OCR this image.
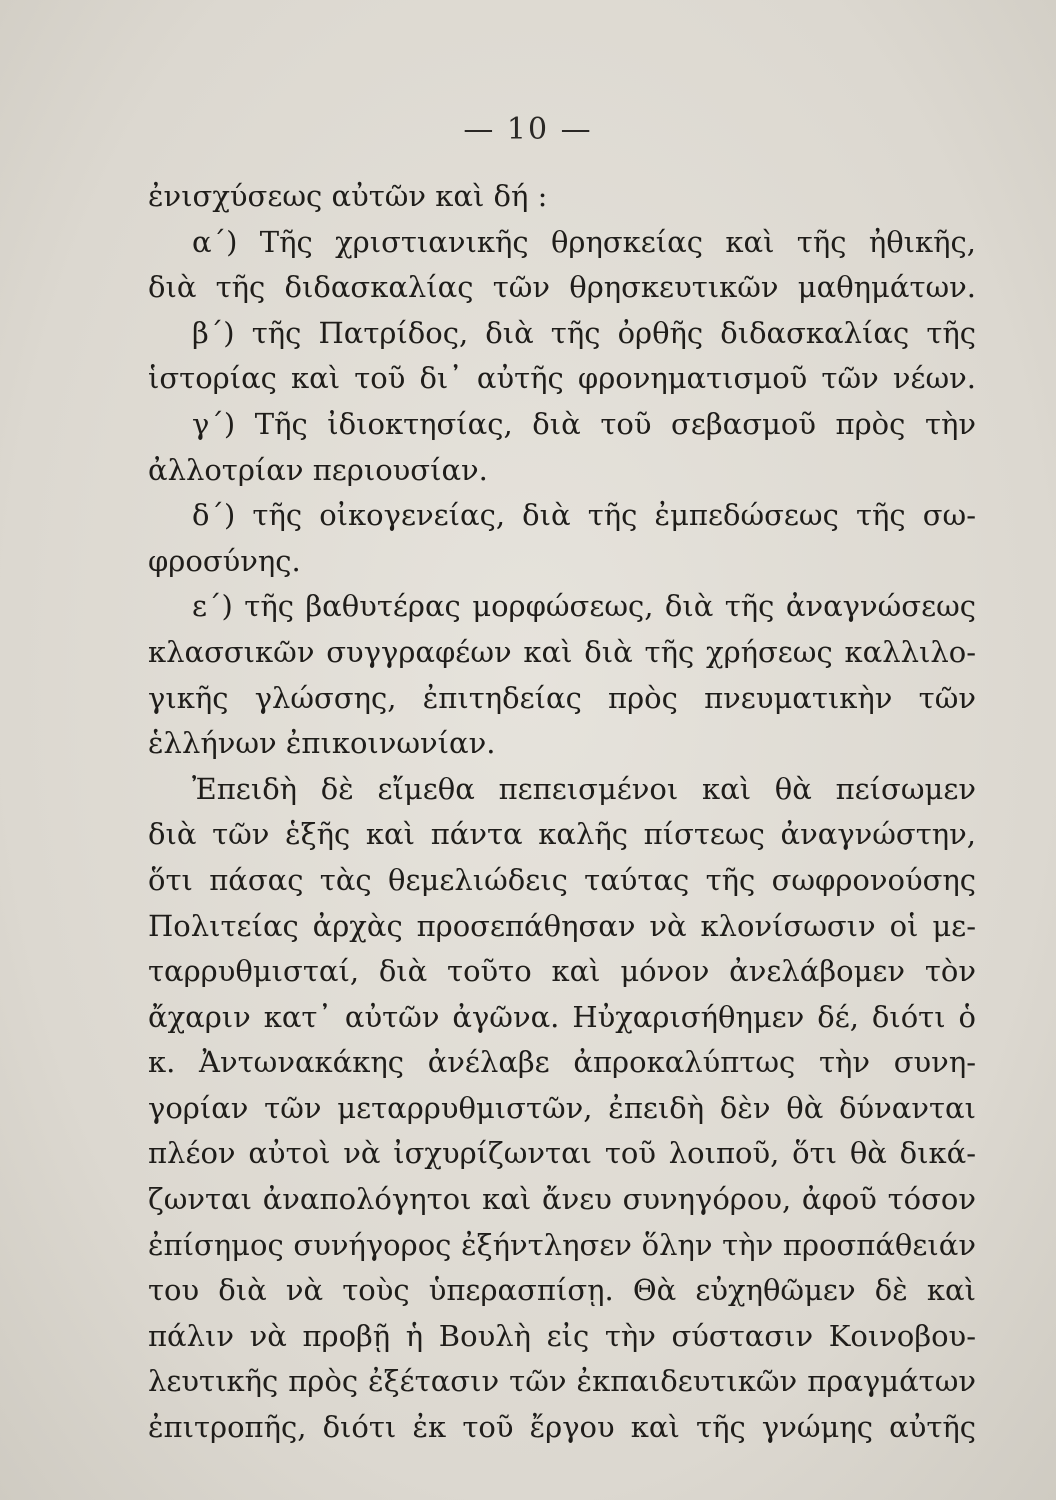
— 10 —
ἐνισχύσεως αὐτῶν καὶ δή :
α΄) Τῆς χριστιανικῆς θρησκείας καὶ τῆς ἠθικῆς,
διὰ τῆς διδασκαλίας τῶν θρησκευτικῶν μαθημάτων.
β΄) τῆς Πατρίδος, διὰ τῆς ὀρθῆς διδασκαλίας τῆς
ἱστορίας καὶ τοῦ δι᾽ αὐτῆς φρονηματισμοῦ τῶν νέων.
γ΄) Τῆς ἰδιοκτησίας, διὰ τοῦ σεβασμοῦ πρὸς τὴν
ἀλλοτρίαν περιουσίαν.
δ΄) τῆς οἰκογενείας, διὰ τῆς ἐμπεδώσεως τῆς σω-
φροσύνης.
ε΄) τῆς βαθυτέρας μορφώσεως, διὰ τῆς ἀναγνώσεως
κλασσικῶν συγγραφέων καὶ διὰ τῆς χρήσεως καλλιλο-
γικῆς γλώσσης, ἐπιτηδείας πρὸς πνευματικὴν τῶν
ἑλλήνων ἐπικοινωνίαν.
Ἐπειδὴ δὲ εἴμεθα πεπεισμένοι καὶ θὰ πείσωμεν
διὰ τῶν ἑξῆς καὶ πάντα καλῆς πίστεως ἀναγνώστην,
ὅτι πάσας τὰς θεμελιώδεις ταύτας τῆς σωφρονούσης
Πολιτείας ἀρχὰς προσεπάθησαν νὰ κλονίσωσιν οἱ με-
ταρρυθμισταί, διὰ τοῦτο καὶ μόνον ἀνελάβομεν τὸν
ἄχαριν κατ᾽ αὐτῶν ἀγῶνα. Ηὐχαρισήθημεν δέ, διότι ὁ
κ. Ἀντωνακάκης ἀνέλαβε ἀπροκαλύπτως τὴν συνη-
γορίαν τῶν μεταρρυθμιστῶν, ἐπειδὴ δὲν θὰ δύνανται
πλέον αὐτοὶ νὰ ἰσχυρίζωνται τοῦ λοιποῦ, ὅτι θὰ δικά-
ζωνται ἀναπολόγητοι καὶ ἄνευ συνηγόρου, ἀφοῦ τόσον
ἐπίσημος συνήγορος ἐξήντλησεν ὅλην τὴν προσπάθειάν
του διὰ νὰ τοὺς ὑπερασπίσῃ. Θὰ εὐχηθῶμεν δὲ καὶ
πάλιν νὰ προβῇ ἡ Βουλὴ εἰς τὴν σύστασιν Κοινοβου-
λευτικῆς πρὸς ἐξέτασιν τῶν ἐκπαιδευτικῶν πραγμάτων
ἐπιτροπῆς, διότι ἐκ τοῦ ἔργου καὶ τῆς γνώμης αὐτῆς
